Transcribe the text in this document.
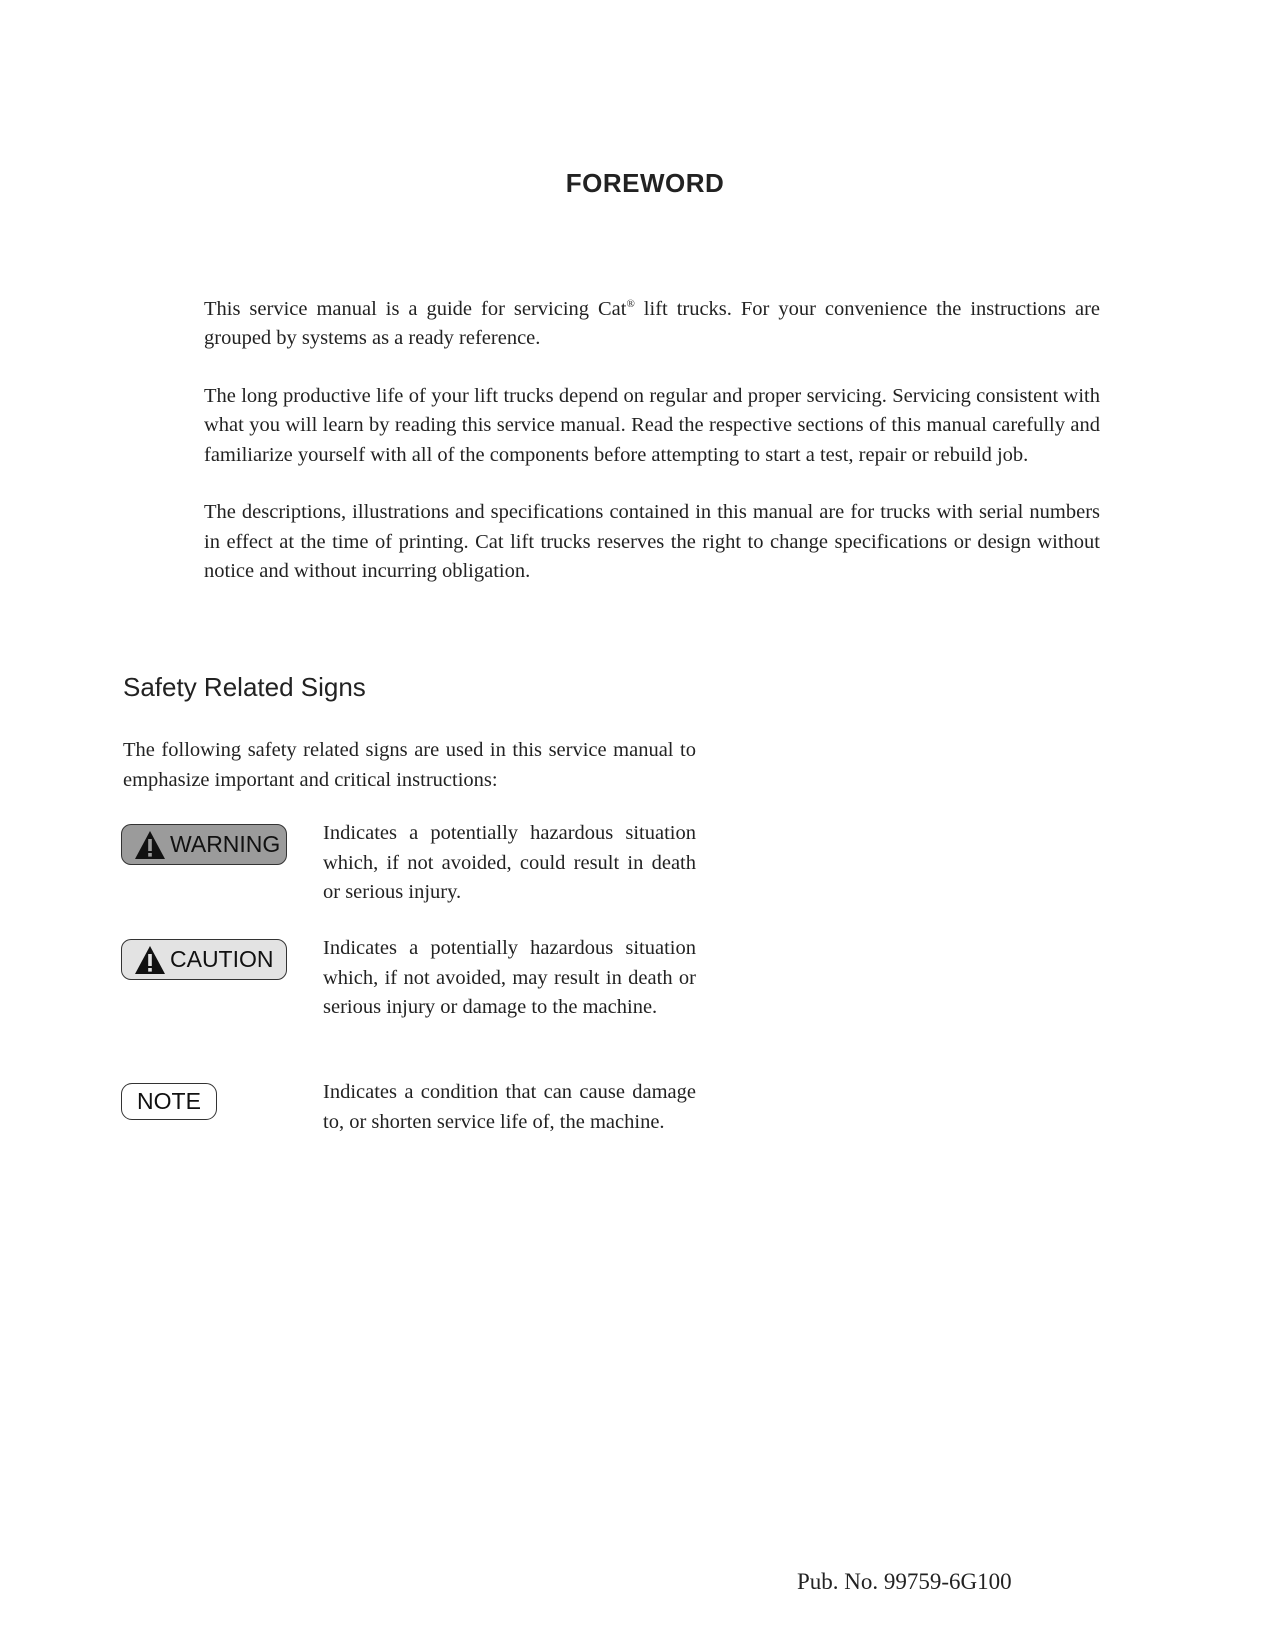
FOREWORD

This service manual is a guide for servicing Cat® lift trucks. For your convenience the instructions are grouped by systems as a ready reference.

The long productive life of your lift trucks depend on regular and proper servicing. Servicing consistent with what you will learn by reading this service manual. Read the respective sections of this manual carefully and familiarize yourself with all of the components before attempting to start a test, repair or rebuild job.

The descriptions, illustrations and specifications contained in this manual are for trucks with serial numbers in effect at the time of printing. Cat lift trucks reserves the right to change specifications or design without notice and without incurring obligation.

Safety Related Signs

The following safety related signs are used in this service manual to emphasize important and critical instructions:

WARNING Indicates a potentially hazardous situation which, if not avoided, could result in death or serious injury.

CAUTION Indicates a potentially hazardous situation which, if not avoided, may result in death or serious injury or damage to the machine.

NOTE	Indicates a condition that can cause damage to, or shorten service life of, the machine.

Pub. No. 99759-6G100
